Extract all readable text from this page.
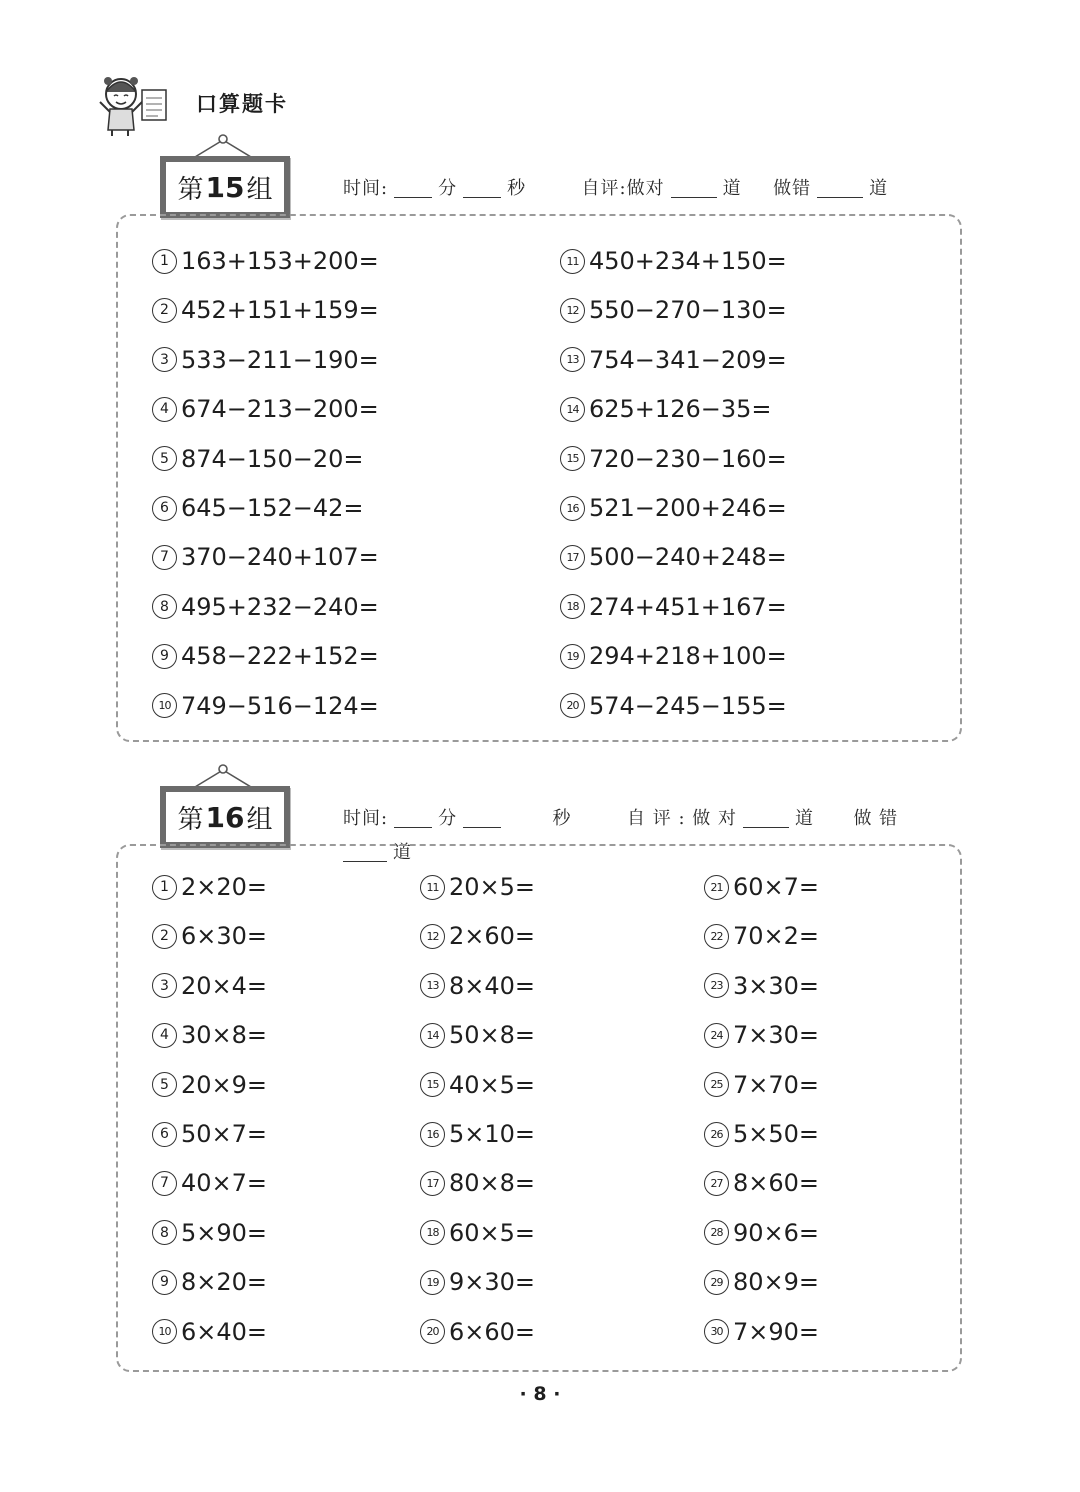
口算题卡
第 15 组	时间:	分	秒	自评:做对	道 做错	道
1 163+153+200=
2 452+151+159=
3 533−211−190=
4 674−213−200=
5 874−150−20=
6 645−152−42=
7 370−240+107=
8 495+232−240=
9 458−222+152=
10 749−516−124=
11 450+234+150=
12 550−270−130=
13 754−341−209=
14 625+126−35=
15 720−230−160=
16 521−200+246=
17 500−240+248=
18 274+451+167=
19 294+218+100=
20 574−245−155=
第 16 组	时间:	分	秒	自 评 : 做 对	道 做 错
道
1 2×20=
2 6×30=
3 20×4=
4 30×8=
5 20×9=
6 50×7=
7 40×7=
8 5×90=
9 8×20=
10 6×40=
11 20×5=
12 2×60=
13 8×40=
14 50×8=
15 40×5=
16 5×10=
17 80×8=
18 60×5=
19 9×30=
20 6×60=
21 60×7=
22 70×2=
23 3×30=
24 7×30=
25 7×70=
26 5×50=
27 8×60=
28 90×6=
29 80×9=
30 7×90=
· 8 ·
